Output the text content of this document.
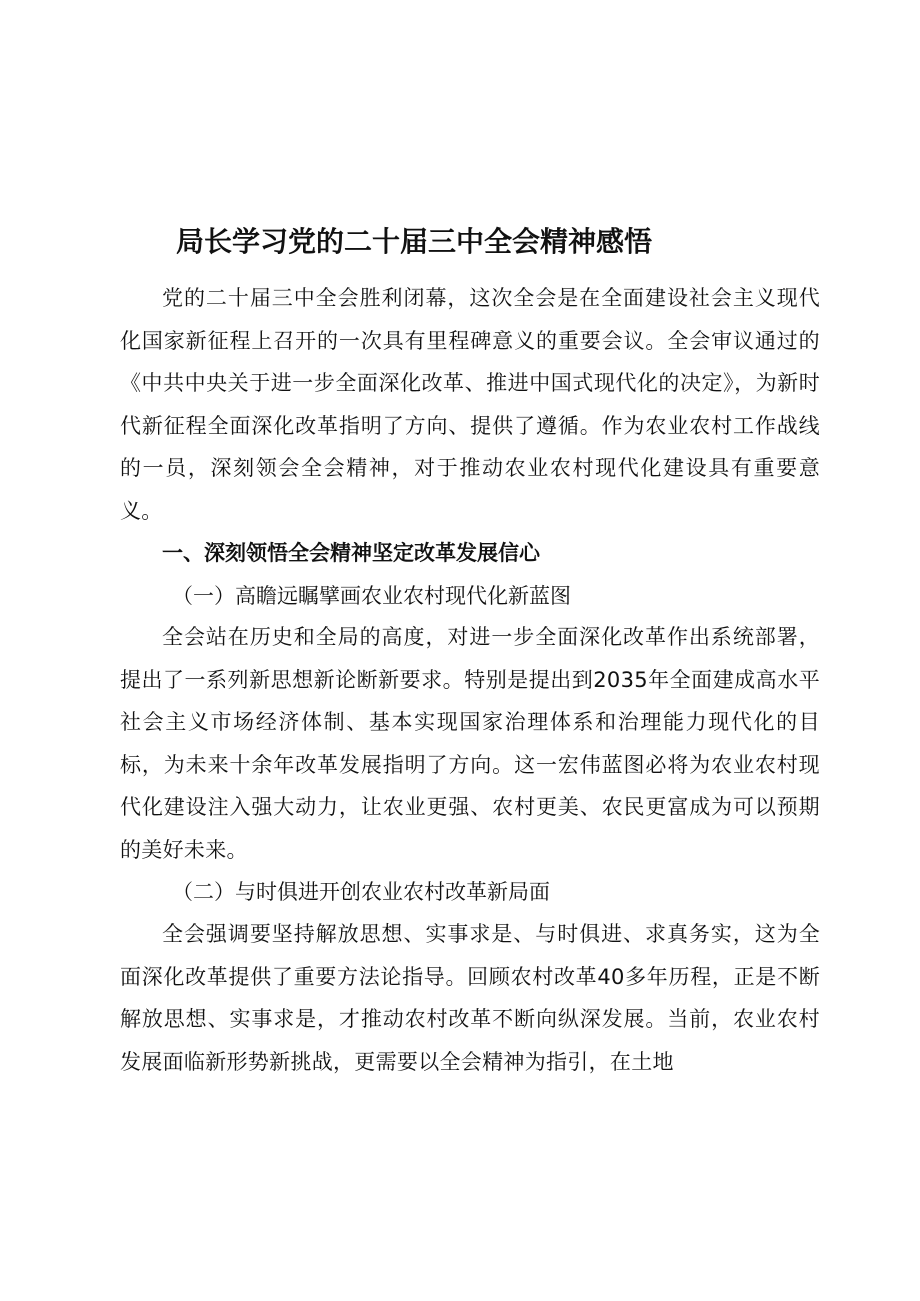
局长学习党的二十届三中全会精神感悟

党的二十届三中全会胜利闭幕，这次全会是在全面建设社会主义现代化国家新征程上召开的一次具有里程碑意义的重要会议。全会审议通过的《中共中央关于进一步全面深化改革、推进中国式现代化的决定》，为新时代新征程全面深化改革指明了方向、提供了遵循。作为农业农村工作战线的一员，深刻领会全会精神，对于推动农业农村现代化建设具有重要意义。

一、深刻领悟全会精神坚定改革发展信心
（一）高瞻远瞩擘画农业农村现代化新蓝图

全会站在历史和全局的高度，对进一步全面深化改革作出系统部署，提出了一系列新思想新论断新要求。特别是提出到2035年全面建成高水平社会主义市场经济体制、基本实现国家治理体系和治理能力现代化的目标，为未来十余年改革发展指明了方向。这一宏伟蓝图必将为农业农村现代化建设注入强大动力，让农业更强、农村更美、农民更富成为可以预期的美好未来。

（二）与时俱进开创农业农村改革新局面

全会强调要坚持解放思想、实事求是、与时俱进、求真务实，这为全面深化改革提供了重要方法论指导。回顾农村改革40多年历程，正是不断解放思想、实事求是，才推动农村改革不断向纵深发展。当前，农业农村发展面临新形势新挑战，更需要以全会精神为指引，在土地
